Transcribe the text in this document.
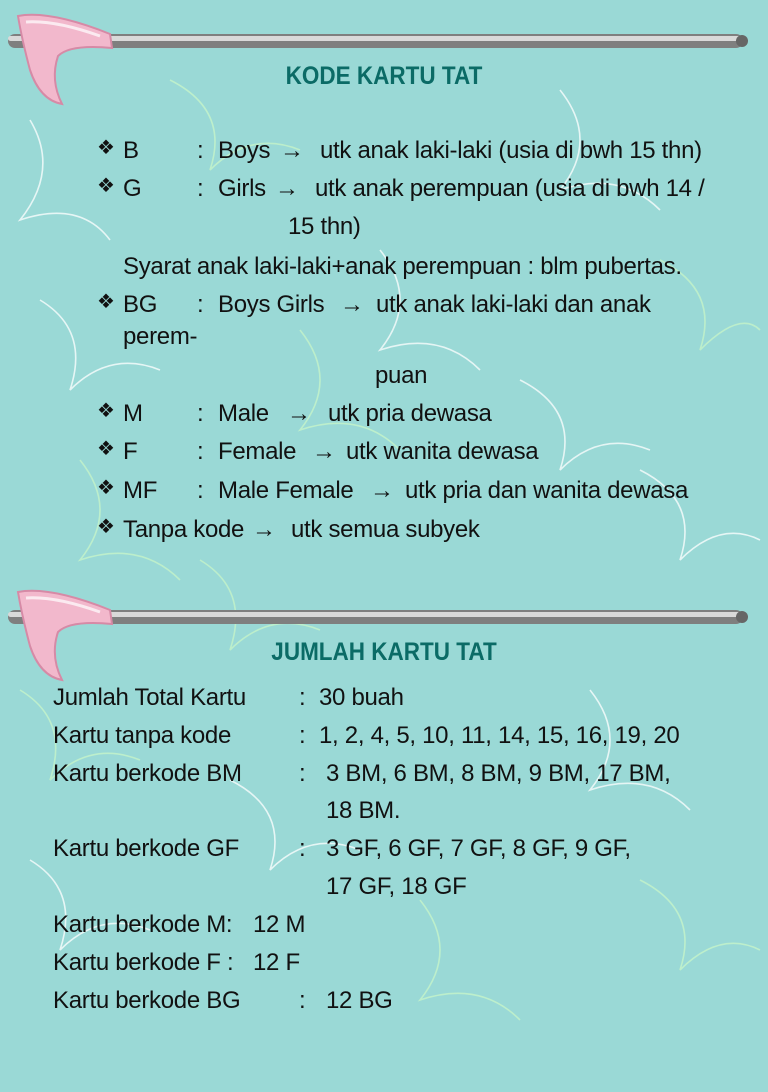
KODE KARTU TAT
❖ B : Boys → utk anak laki-laki (usia di bwh 15 thn)
❖ G : Girls → utk anak perempuan (usia di bwh 14 /
15 thn)
Syarat anak laki-laki+anak perempuan : blm pubertas.
❖ BG : Boys Girls → utk anak laki-laki dan anak
perem-
puan
❖ M : Male → utk pria dewasa
❖ F : Female → utk wanita dewasa
❖ MF : Male Female → utk pria dan wanita dewasa
❖ Tanpa kode → utk semua subyek
JUMLAH KARTU TAT
Jumlah Total Kartu : 30 buah
Kartu tanpa kode	: 1, 2, 4, 5, 10, 11, 14, 15, 16, 19, 20
Kartu berkode BM : 3 BM, 6 BM, 8 BM, 9 BM, 17 BM,
18 BM.
Kartu berkode GF	: 3 GF, 6 GF, 7 GF, 8 GF, 9 GF,
17 GF, 18 GF
Kartu berkode M: 12 M
Kartu berkode F : 12 F
Kartu berkode BG : 12 BG
